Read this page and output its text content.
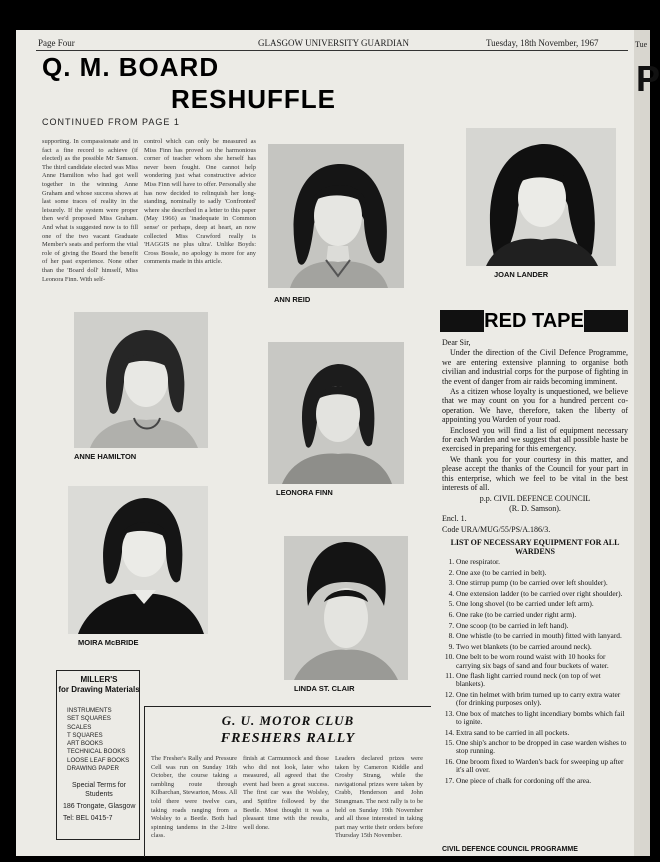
Tue
P
Page Four	GLASGOW UNIVERSITY GUARDIAN	Tuesday, 18th November, 1967
Q. M. BOARD
RESHUFFLE
CONTINUED FROM PAGE 1
supporting. In compassionate and in fact a fine record to achieve (if elected) as the possible Mr Samson. The third candidate elected was Miss Anne Hamilton who had got well together in the winning Anne Graham and whose success shows at last some traces of reality in the leisurely. If the system were proper then we'd proposed Miss Graham. And what is suggested now is to fill one of the two vacant Graduate Member's seats and perform the vital role of giving the Board the benefit of her past experience. None other than the 'Board doll' himself, Miss Leonora Finn. With self-
control which can only be measured as Miss Finn has proved so the harmonious corner of teacher whom she herself has never been fought. One cannot help wondering just what constructive advice Miss Finn will have to offer. Personally she has now decided to relinquish her long-standing, nominally to sadly 'Confronted' where she described in a letter to this paper (May 1966) as 'inadequate in Common sense' or perhaps, deep at heart, an now collected Miss Crawford really is 'HAGGIS ne plus ultra'. Unlike Boyds: Cross Bossle, no apology is more for any comments made in this article.
ANN REID
JOAN LANDER
ANNE HAMILTON
LEONORA FINN
MOIRA McBRIDE
LINDA ST. CLAIR
RED TAPE

Dear Sir,

Under the direction of the Civil Defence Programme, we are entering extensive planning to organise both civilian and industrial corps for the purpose of fighting in the event of danger from air raids becoming imminent.

As a citizen whose loyalty is unquestioned, we believe that we may count on you for a hundred percent co-operation. We have, therefore, taken the liberty of appointing you Warden of your road.

Enclosed you will find a list of equipment necessary for each Warden and we suggest that all possible haste be exercised in preparing for this emergency.

We thank you for your courtesy in this matter, and please accept the thanks of the Council for your part in this enterprise, which we feel to be vital in the best interests of all.

p.p. CIVIL DEFENCE COUNCIL

(R. D. Samson).

Encl. 1.

Code URA/MUG/55/PS/A.186/3.

LIST OF NECESSARY EQUIPMENT FOR ALL WARDENS
1. One respirator.
2. One axe (to be carried in belt).
3. One stirrup pump (to be carried over left shoulder).
4. One extension ladder (to be carried over right shoulder).
5. One long shovel (to be carried under left arm).
6. One rake (to be carried under right arm).
7. One scoop (to be carried in left hand).
8. One whistle (to be carried in mouth) fitted with lanyard.
9. Two wet blankets (to be carried around neck).
10. One belt to be worn round waist with 10 hooks for carrying six bags of sand and four buckets of water.
11. One flash light carried round neck (on top of wet blankets).
12. One tin helmet with brim turned up to carry extra water (for drinking purposes only).
13. One box of matches to light incendiary bombs which fail to ignite.
14. Extra sand to be carried in all pockets.
15. One ship's anchor to be dropped in case warden wishes to stop running.
16. One broom fixed to Warden's back for sweeping up after it's all over.
17. One piece of chalk for cordoning off the area.
CIVIL DEFENCE COUNCIL PROGRAMME
MILLER'S
for Drawing Materials
INSTRUMENTS
SET SQUARES
SCALES
T SQUARES
ART BOOKS
TECHNICAL BOOKS
LOOSE LEAF BOOKS
DRAWING PAPER
Special Terms for
Students
186 Trongate, Glasgow
Tel: BEL 0415-7
G. U. MOTOR CLUB
FRESHERS RALLY
The Fresher's Rally and Pressure Cell was run on Sunday 16th October, the course taking a rambling route through Kilbarchan, Stewarton, Moss. All told there were twelve cars, taking roads ranging from a Wolsley to a Beetle. Both had spinning tandems in the 2-litre class.
finish at Carmunnock and those who did not look, later who measured, all agreed that the event had been a great success. The first car was the Wolsley, and Spitfire followed by the Beetle. Most thought it was a pleasant time with the results, well done.
Leaders declared prizes were taken by Cameron Kiddle and Crosby Strang, while the navigational prizes were taken by Crabb, Henderson and John Strangman. The next rally is to be held on Sunday 19th November and all those interested in taking part may write their orders before Thursday 15th November.
